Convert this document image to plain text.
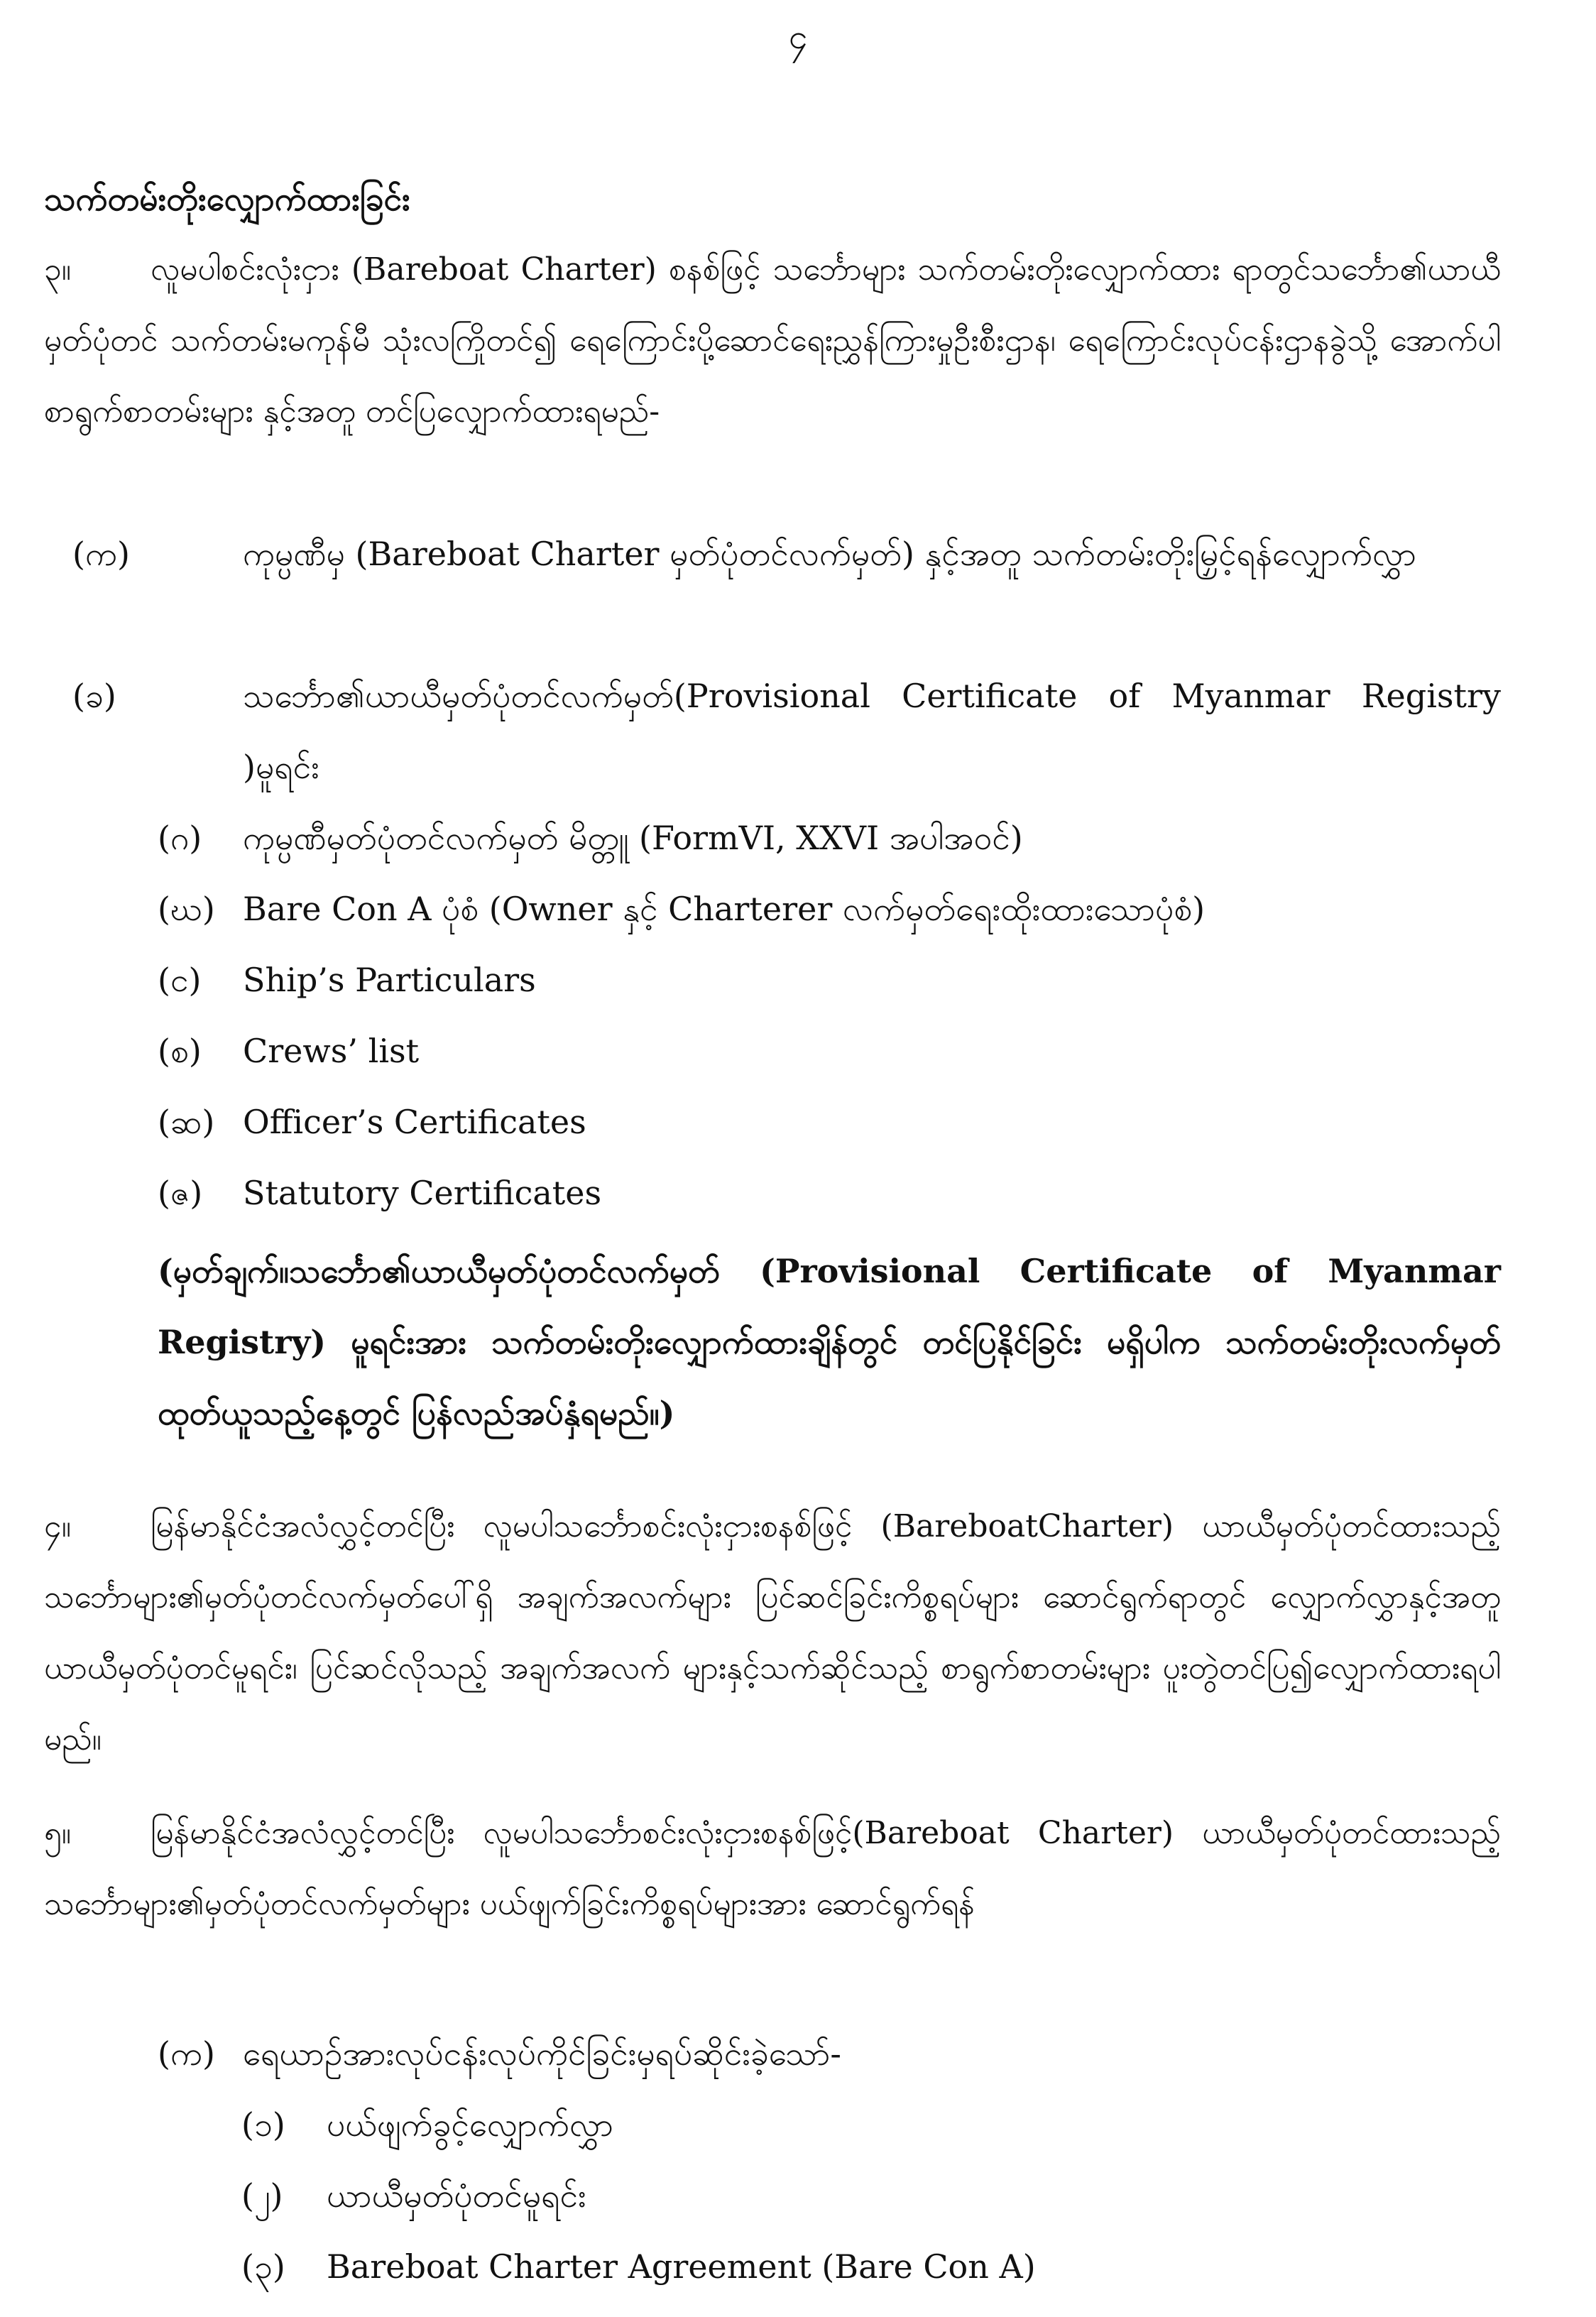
၄
သက်တမ်းတိုးလျှောက်ထားခြင်း

၃။	လူမပါစင်းလုံးငှား (Bareboat Charter) စနစ်ဖြင့် သင်္ဘောများ သက်တမ်းတိုးလျှောက်ထား ရာတွင်သင်္ဘော၏ယာယီမှတ်ပုံတင် သက်တမ်းမကုန်မီ သုံးလကြိုတင်၍ ရေကြောင်းပို့ဆောင်ရေးညွှန်ကြားမှုဦးစီးဌာန၊ ရေကြောင်းလုပ်ငန်းဌာနခွဲသို့ အောက်ပါစာရွက်စာတမ်းများ နှင့်အတူ တင်ပြလျှောက်ထားရမည်-

(က)	ကုမ္ပဏီမှ (Bareboat Charter မှတ်ပုံတင်လက်မှတ်) နှင့်အတူ သက်တမ်းတိုးမြှင့်ရန်လျှောက်လွှာ
(ခ)	သင်္ဘော၏ယာယီမှတ်ပုံတင်လက်မှတ်(Provisional Certificate of Myanmar Registry )မူရင်း
(ဂ) ကုမ္ပဏီမှတ်ပုံတင်လက်မှတ် မိတ္တူ (FormVI, XXVI အပါအဝင်)
(ဃ) Bare Con A ပုံစံ (Owner နှင့် Charterer လက်မှတ်ရေးထိုးထားသောပုံစံ)
(င) Ship’s Particulars
(စ) Crews’ list
(ဆ) Officer’s Certificates
(ဇ) Statutory Certificates

(မှတ်ချက်။သင်္ဘော၏ယာယီမှတ်ပုံတင်လက်မှတ် (Provisional Certificate of Myanmar Registry) မူရင်းအား သက်တမ်းတိုးလျှောက်ထားချိန်တွင် တင်ပြနိုင်ခြင်း မရှိပါက သက်တမ်းတိုးလက်မှတ်ထုတ်ယူသည့်နေ့တွင် ပြန်လည်အပ်နှံရမည်။)

၄။	မြန်မာနိုင်ငံအလံလွှင့်တင်ပြီး လူမပါသင်္ဘောစင်းလုံးငှားစနစ်ဖြင့် (BareboatCharter) ယာယီမှတ်ပုံတင်ထားသည့် သင်္ဘောများ၏မှတ်ပုံတင်လက်မှတ်ပေါ်ရှိ အချက်အလက်များ ပြင်ဆင်ခြင်းကိစ္စရပ်များ ဆောင်ရွက်ရာတွင် လျှောက်လွှာနှင့်အတူ ယာယီမှတ်ပုံတင်မူရင်း၊ ပြင်ဆင်လိုသည့် အချက်အလက် များနှင့်သက်ဆိုင်သည့် စာရွက်စာတမ်းများ ပူးတွဲတင်ပြ၍လျှောက်ထားရပါမည်။

၅။	မြန်မာနိုင်ငံအလံလွှင့်တင်ပြီး လူမပါသင်္ဘောစင်းလုံးငှားစနစ်ဖြင့်(Bareboat Charter) ယာယီမှတ်ပုံတင်ထားသည့် သင်္ဘောများ၏မှတ်ပုံတင်လက်မှတ်များ ပယ်ဖျက်ခြင်းကိစ္စရပ်များအား ဆောင်ရွက်ရန်

(က) ရေယာဉ်အားလုပ်ငန်းလုပ်ကိုင်ခြင်းမှရပ်ဆိုင်းခဲ့သော်-
(၁) ပယ်ဖျက်ခွင့်လျှောက်လွှာ
(၂) ယာယီမှတ်ပုံတင်မူရင်း
(၃) Bareboat Charter Agreement (Bare Con A)
